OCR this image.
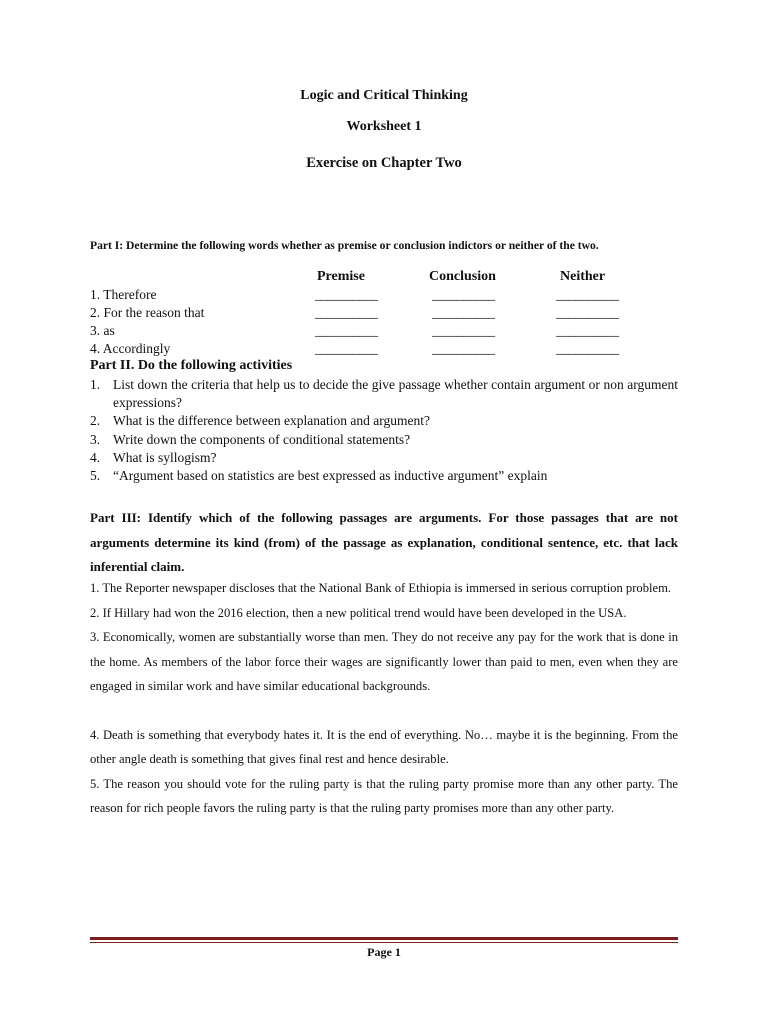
Logic and Critical Thinking
Worksheet 1
Exercise on Chapter Two
Part I: Determine the following words whether as premise or conclusion indictors or neither of the two.
Premise	Conclusion	Neither
1. Therefore	__________	__________	__________
2. For the reason that	__________	__________	__________
3. as	__________	__________	__________
4. Accordingly	__________	__________	__________
Part II. Do the following activities
1. List down the criteria that help us to decide the give passage whether contain argument or non argument expressions?
2. What is the difference between explanation and argument?
3. Write down the components of conditional statements?
4. What is syllogism?
5. “Argument based on statistics are best expressed as inductive argument” explain
Part III: Identify which of the following passages are arguments. For those passages that are not arguments determine its kind (from) of the passage as explanation, conditional sentence, etc. that lack inferential claim.

1. The Reporter newspaper discloses that the National Bank of Ethiopia is immersed in serious corruption problem.

2. If Hillary had won the 2016 election, then a new political trend would have been developed in the USA.

3. Economically, women are substantially worse than men. They do not receive any pay for the work that is done in the home. As members of the labor force their wages are significantly lower than paid to men, even when they are engaged in similar work and have similar educational backgrounds.

4. Death is something that everybody hates it. It is the end of everything. No… maybe it is the beginning. From the other angle death is something that gives final rest and hence desirable.

5. The reason you should vote for the ruling party is that the ruling party promise more than any other party. The reason for rich people favors the ruling party is that the ruling party promises more than any other party.

Page 1
